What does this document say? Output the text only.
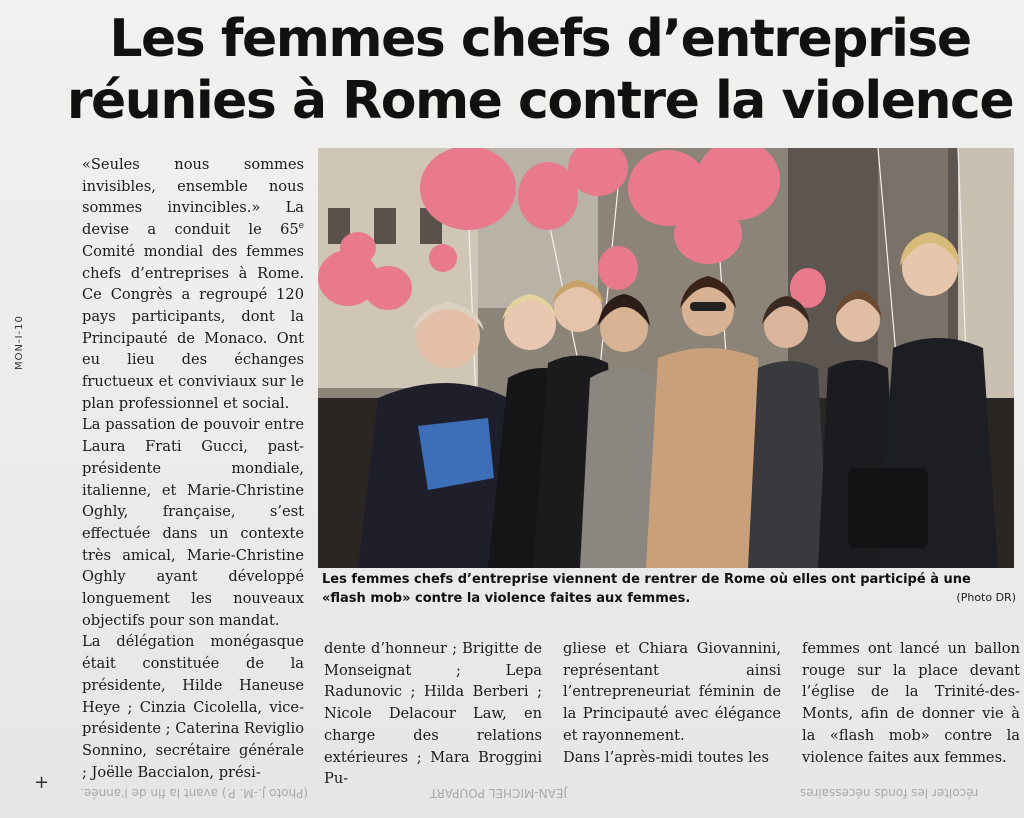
MON-I-10
Les femmes chefs d’entreprise
réunies à Rome contre la violence

«Seules nous sommes invisibles, ensemble nous sommes invincibles.» La devise a conduit le 65e Comité mondial des femmes chefs d’entreprises à Rome. Ce Congrès a regroupé 120 pays participants, dont la Principauté de Monaco. Ont eu lieu des échanges fructueux et conviviaux sur le plan professionnel et social.

La passation de pouvoir entre Laura Frati Gucci, past-présidente mondiale, italienne, et Marie-Christine Oghly, française, s’est effectuée dans un contexte très amical, Marie-Christine Oghly ayant développé longuement les nouveaux objectifs pour son mandat.

La délégation monégasque était constituée de la présidente, Hilde Haneuse Heye ; Cinzia Cicolella, vice-présidente ; Caterina Reviglio Sonnino, secrétaire générale ; Joëlle Baccialon, prési-

Les femmes chefs d’entreprise viennent de rentrer de Rome où elles ont participé à une «flash mob» contre la violence faites aux femmes.	(Photo DR)

dente d’honneur ; Brigitte de Monseignat ; Lepa Radunovic ; Hilda Berberi ; Nicole Delacour Law, en charge des relations extérieures ; Mara Broggini Pu-

gliese et Chiara Giovannini, représentant ainsi l’entrepreneuriat féminin de la Principauté avec élégance et rayonnement.

Dans l’après-midi toutes les

femmes ont lancé un ballon rouge sur la place devant l’église de la Trinité-des-Monts, afin de donner vie à la «flash mob» contre la violence faites aux femmes.

+	(Photo J.-M. P.) avant la fin de l'année.	JEAN-MICHEL POUPART	récolter les fonds nécessaires
